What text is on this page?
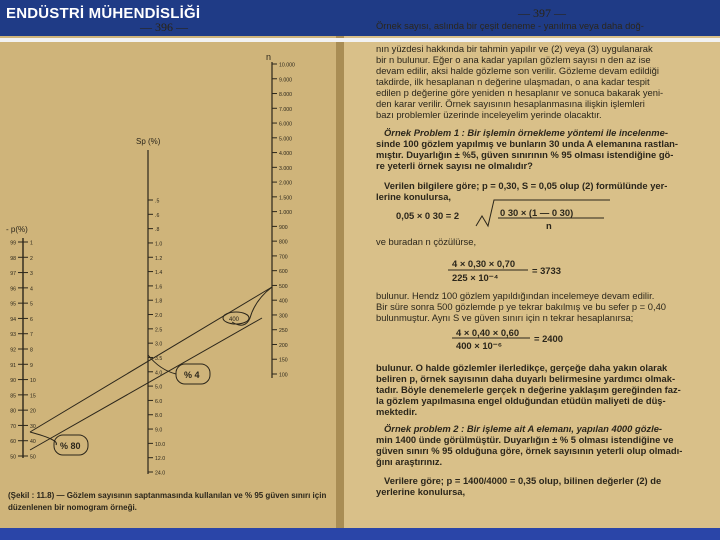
ENDÜSTRİ MÜHENDİSLİĞİ
— 396 —
— 397 —
10.000
9.000
8.000
7.000
6.000
5.000
4.000
3.000
2.000
1.500
1.000
900
800
700
600
500
400
300
250
200
150
100
.5
.6
.8
1.0
1.2
1.4
1.6
1.8
2.0
2.5
3.0
3.5
4.0
5.0
6.0
8.0
9.0
10.0
12.0
24.0
99
98
97
96
95
94
93
92
91
90
85
80
70
60
50
1
2
3
4
5
6
7
8
9
10
15
20
30
40
50
n
Sp (%)
- p(%)
400
% 4
% 80
(Şekil : 11.8) — Gözlem sayısının saptanmasında kullanılan ve % 95 güven sınırı için düzenlenen bir nomogram örneği.
Örnek sayısı, aslında bir çeşit deneme - yanılma veya daha doğ-
nın yüzdesi hakkında bir tahmin yapılır ve (2) veya (3) uygulanarak
bir n bulunur. Eğer o ana kadar yapılan gözlem sayısı n den az ise
devam edilir, aksi halde gözleme son verilir. Gözleme devam edildiği
takdirde, ilk hesaplanan n değerine ulaşmadan, o ana kadar tespit
edilen p değerine göre yeniden n hesaplanır ve sonuca bakarak yeni-
den karar verilir. Örnek sayısının hesaplanmasına ilişkin işlemleri
bazı problemler üzerinde inceleyelim yerinde olacaktır.
Örnek Problem 1 : Bir işlemin örnekleme yöntemi ile incelenme-
sinde 100 gözlem yapılmış ve bunların 30 unda A elemanına rastlan-
mıştır. Duyarlığın ± %5, güven sınırının % 95 olması istendiğine gö-
re yeterli örnek sayısı ne olmalıdır?
Verilen bilgilere göre; p = 0,30, S = 0,05 olup (2) formülünde yer-
lerine konulursa,
0,05 × 0 30 = 2	0 30 × (1 — 0 30)
n
ve buradan n çözülürse,
4 × 0,30 × 0,70
225 × 10⁻⁴
= 3733
bulunur. Hendz 100 gözlem yapıldığından incelemeye devam edilir.
Bir süre sonra 500 gözlemde p ye tekrar bakılmış ve bu sefer p = 0,40
bulunmuştur. Aynı S ve güven sınırı için n tekrar hesaplanırsa;
4 × 0,40 × 0,60
400 × 10⁻⁶
= 2400
bulunur. O halde gözlemler ilerledikçe, gerçeğe daha yakın olarak
beliren p, örnek sayısının daha duyarlı belirmesine yardımcı olmak-
tadır. Böyle denemelerle gerçek n değerine yaklaşım gereğinden faz-
la gözlem yapılmasına engel olduğundan etüdün maliyeti de düş-
mektedir.
Örnek problem 2 : Bir işleme ait A elemanı, yapılan 4000 gözle-
min 1400 ünde görülmüştür. Duyarlığın ± % 5 olması istendiğine ve
güven sınırı % 95 olduğuna göre, örnek sayısının yeterli olup olmadı-
ğını araştırınız.
Verilere göre; p = 1400/4000 = 0,35 olup, bilinen değerler (2) de
yerlerine konulursa,
